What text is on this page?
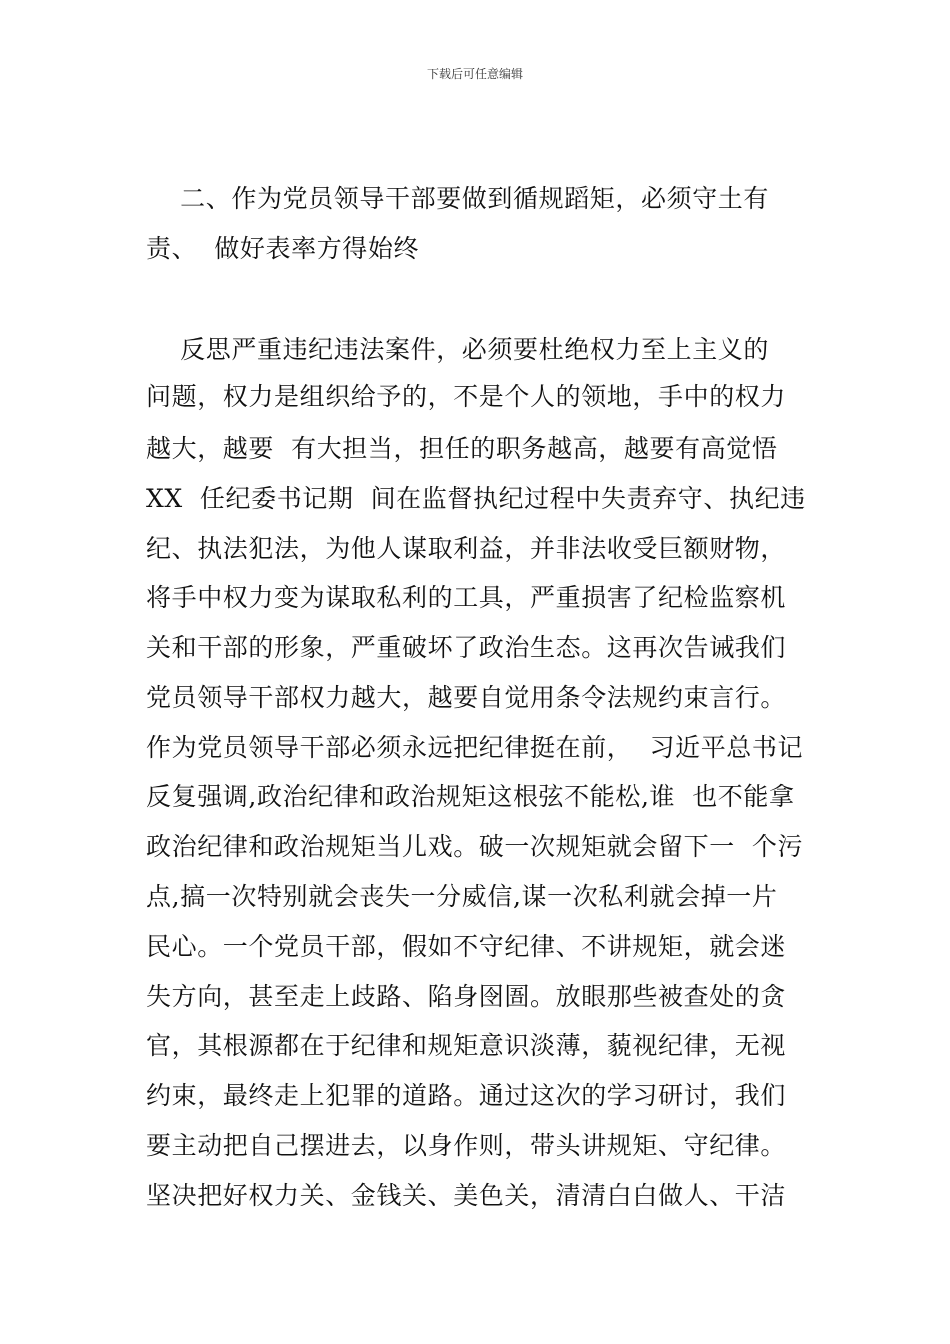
下载后可任意编辑
二、作为党员领导干部要做到循规蹈矩，必须守土有
责、  做好表率方得始终
反思严重违纪违法案件，必须要杜绝权力至上主义的
问题，权力是组织给予的，不是个人的领地，手中的权力
越大，越要  有大担当，担任的职务越高，越要有高觉悟
XX  任纪委书记期  间在监督执纪过程中失责弃守、执纪违
纪、执法犯法，为他人谋取利益，并非法收受巨额财物，
将手中权力变为谋取私利的工具，严重损害了纪检监察机
关和干部的形象，严重破坏了政治生态。这再次告诫我们
党员领导干部权力越大，越要自觉用条令法规约束言行。
作为党员领导干部必须永远把纪律挺在前，  习近平总书记
反复强调,政治纪律和政治规矩这根弦不能松,谁  也不能拿
政治纪律和政治规矩当儿戏。破一次规矩就会留下一  个污
点,搞一次特别就会丧失一分威信,谋一次私利就会掉一片
民心。一个党员干部，假如不守纪律、不讲规矩，就会迷
失方向，甚至走上歧路、陷身囹圄。放眼那些被查处的贪
官，其根源都在于纪律和规矩意识淡薄，藐视纪律，无视
约束，最终走上犯罪的道路。通过这次的学习研讨，我们
要主动把自己摆进去，以身作则，带头讲规矩、守纪律。
坚决把好权力关、金钱关、美色关，清清白白做人、干洁
